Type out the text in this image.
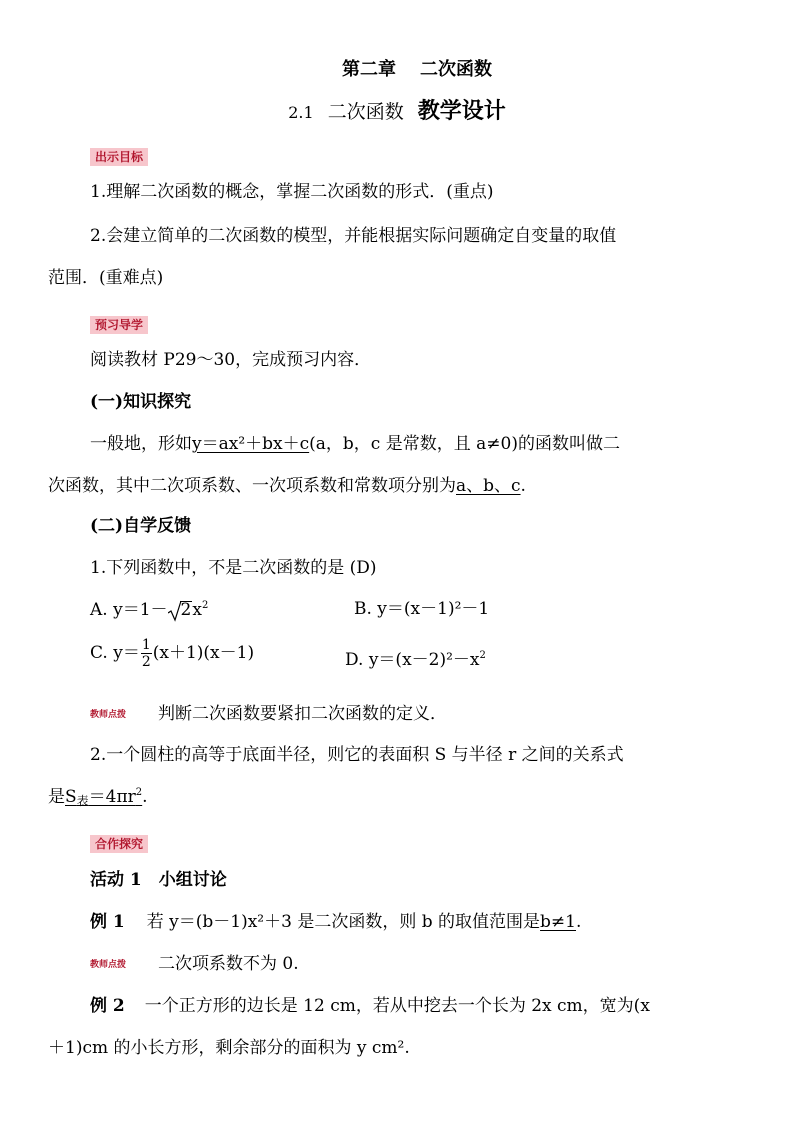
第二章 二次函数
2.1 二次函数 教学设计
出示目标
1.理解二次函数的概念，掌握二次函数的形式．(重点)
2.会建立简单的二次函数的模型，并能根据实际问题确定自变量的取值
范围．(重难点)
预习导学
阅读教材 P29～30，完成预习内容．
(一)知识探究
一般地，形如y＝ax²＋bx＋c(a，b，c 是常数，且 a≠0)的函数叫做二
次函数，其中二次项系数、一次项系数和常数项分别为a、b、c.
(二)自学反馈
1.下列函数中，不是二次函数的是 (D)
A. $y=1- 2x^2$	B. y＝(x－1)²－1
C. $y= \frac{1}{2} (x+1)(x-1)$	D. $y=(x-2)^2-x^2$
教师点拨 判断二次函数要紧扣二次函数的定义．
2.一个圆柱的高等于底面半径，则它的表面积 S 与半径 r 之间的关系式
是$S_表=4\pi r^2$.
合作探究
活动 1　小组讨论
例 1 若 y＝(b－1)x²＋3 是二次函数，则 b 的取值范围是b≠1.
教师点拨 二次项系数不为 0.
例 2 一个正方形的边长是 12 cm，若从中挖去一个长为 2x cm，宽为(x
＋1)cm 的小长方形，剩余部分的面积为 y cm².
